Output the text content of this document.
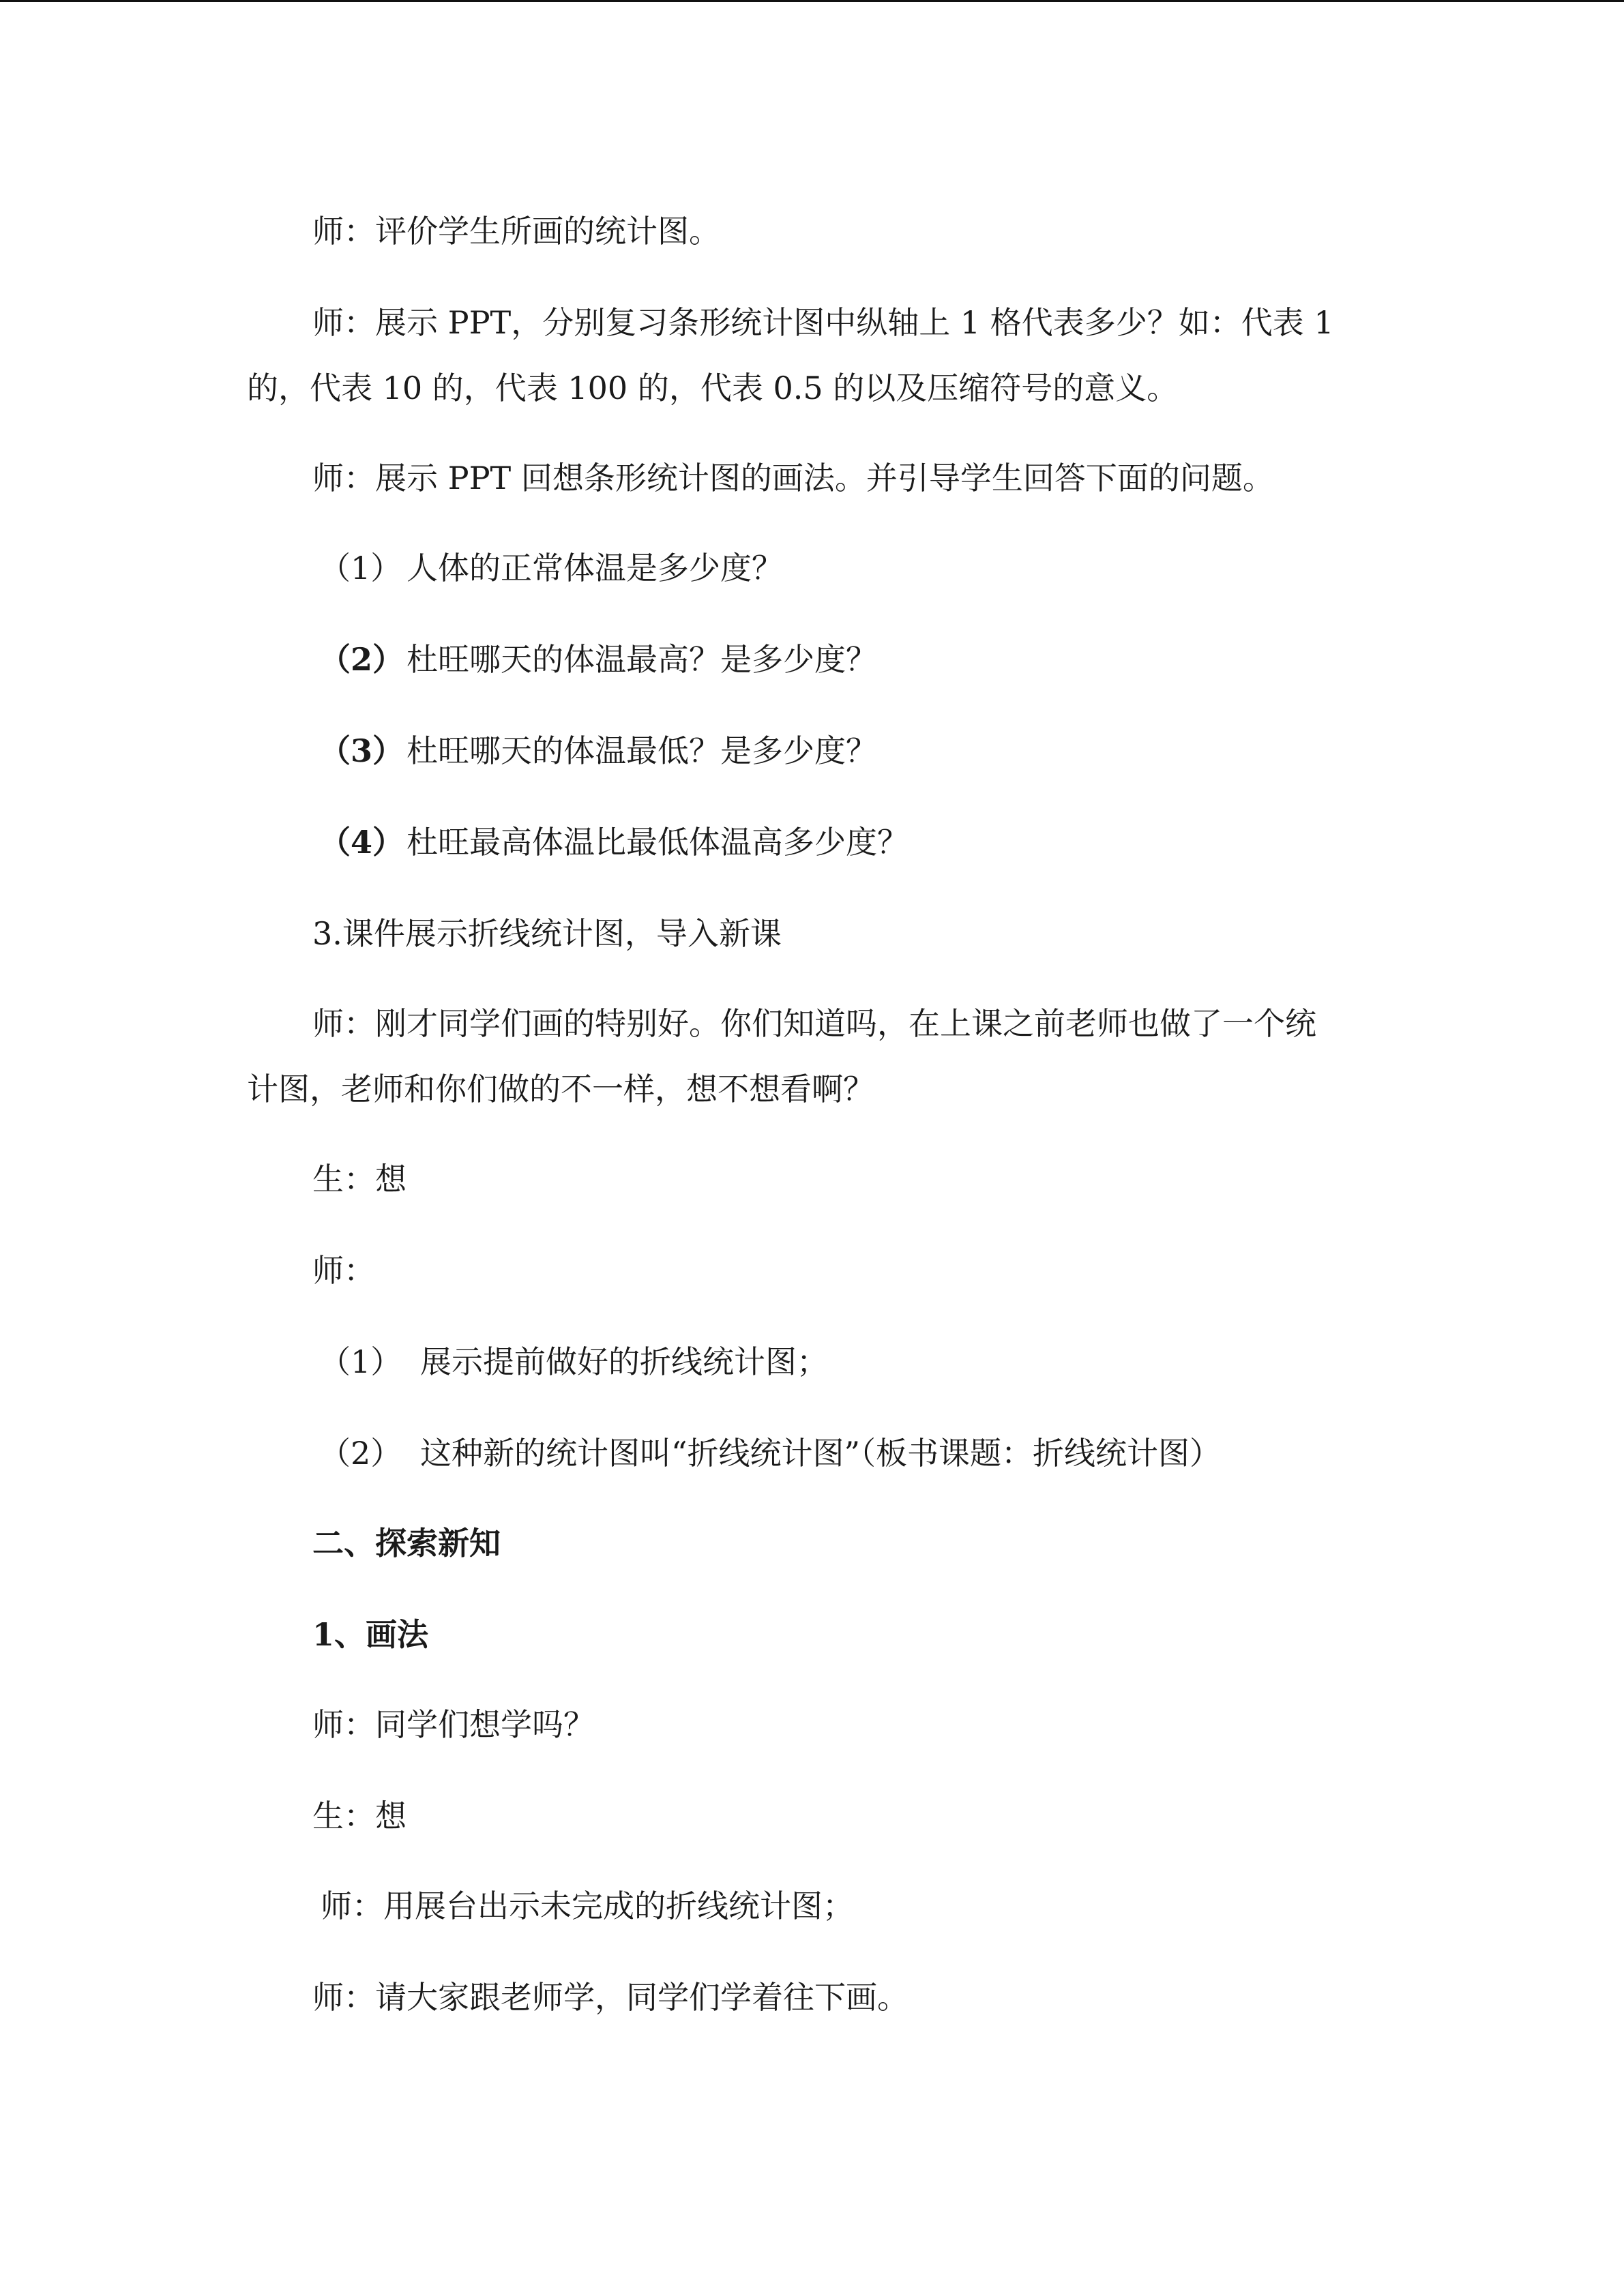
师：评价学生所画的统计图。
师：展示 PPT，分别复习条形统计图中纵轴上 1 格代表多少？如：代表 1
的，代表 10 的，代表 100 的，代表 0.5 的以及压缩符号的意义。
师：展示 PPT 回想条形统计图的画法。并引导学生回答下面的问题。
（1） 人体的正常体温是多少度？
（2）杜旺哪天的体温最高？是多少度？
（3）杜旺哪天的体温最低？是多少度？
（4）杜旺最高体温比最低体温高多少度？
3.课件展示折线统计图，导入新课
师：刚才同学们画的特别好。你们知道吗，在上课之前老师也做了一个统
计图，老师和你们做的不一样，想不想看啊？
生：想
师：
（1） 展示提前做好的折线统计图；
（2） 这种新的统计图叫“折线统计图”（板书课题：折线统计图）
二、探索新知
1、画法
师：同学们想学吗？
生：想
师：用展台出示未完成的折线统计图；
师：请大家跟老师学，同学们学着往下画。
